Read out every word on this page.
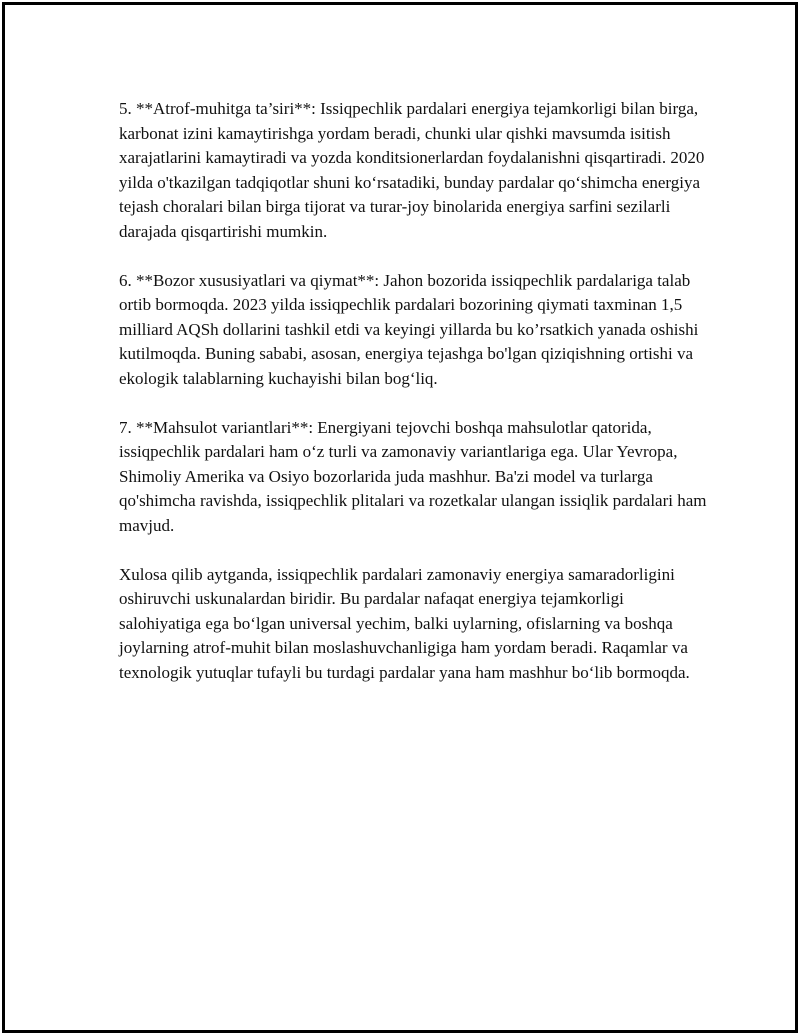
5. **Atrof-muhitga ta’siri**: Issiqpechlik pardalari energiya tejamkorligi bilan birga, karbonat izini kamaytirishga yordam beradi, chunki ular qishki mavsumda isitish xarajatlarini kamaytiradi va yozda konditsionerlardan foydalanishni qisqartiradi. 2020 yilda o'tkazilgan tadqiqotlar shuni ko‘rsatadiki, bunday pardalar qo‘shimcha energiya tejash choralari bilan birga tijorat va turar-joy binolarida energiya sarfini sezilarli darajada qisqartirishi mumkin.

6. **Bozor xususiyatlari va qiymat**: Jahon bozorida issiqpechlik pardalariga talab ortib bormoqda. 2023 yilda issiqpechlik pardalari bozorining qiymati taxminan 1,5 milliard AQSh dollarini tashkil etdi va keyingi yillarda bu ko’rsatkich yanada oshishi kutilmoqda. Buning sababi, asosan, energiya tejashga bo'lgan qiziqishning ortishi va ekologik talablarning kuchayishi bilan bog‘liq.

7. **Mahsulot variantlari**: Energiyani tejovchi boshqa mahsulotlar qatorida, issiqpechlik pardalari ham o‘z turli va zamonaviy variantlariga ega. Ular Yevropa, Shimoliy Amerika va Osiyo bozorlarida juda mashhur. Ba'zi model va turlarga qo'shimcha ravishda, issiqpechlik plitalari va rozetkalar ulangan issiqlik pardalari ham mavjud.

Xulosa qilib aytganda, issiqpechlik pardalari zamonaviy energiya samaradorligini oshiruvchi uskunalardan biridir. Bu pardalar nafaqat energiya tejamkorligi salohiyatiga ega bo‘lgan universal yechim, balki uylarning, ofislarning va boshqa joylarning atrof-muhit bilan moslashuvchanligiga ham yordam beradi. Raqamlar va texnologik yutuqlar tufayli bu turdagi pardalar yana ham mashhur bo‘lib bormoqda.
